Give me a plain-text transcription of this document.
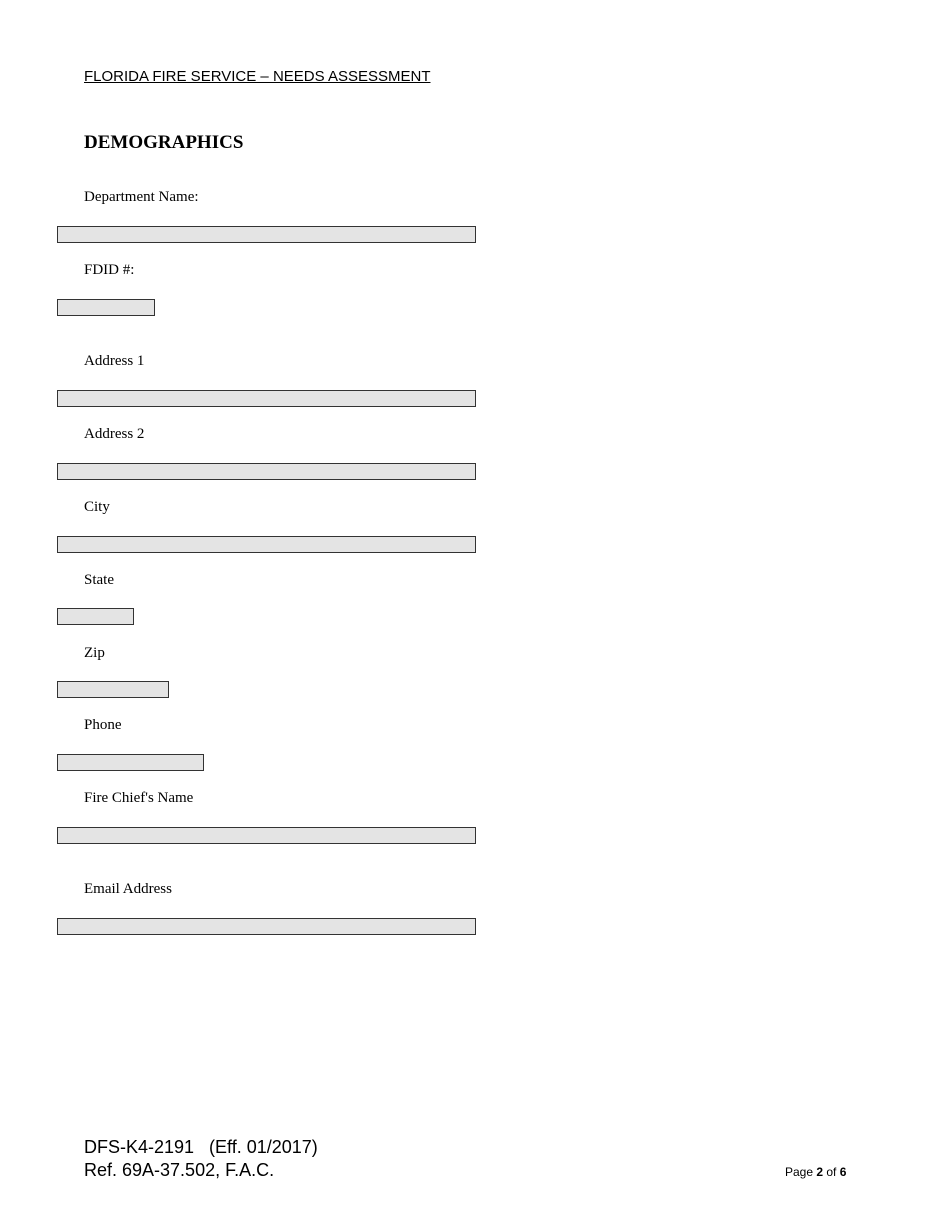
FLORIDA FIRE SERVICE – NEEDS ASSESSMENT
DEMOGRAPHICS
Department Name:
FDID #:
Address 1
Address 2
City
State
Zip
Phone
Fire Chief's Name
Email Address
DFS-K4-2191   (Eff. 01/2017)
Ref. 69A-37.502, F.A.C.	Page 2 of 6
